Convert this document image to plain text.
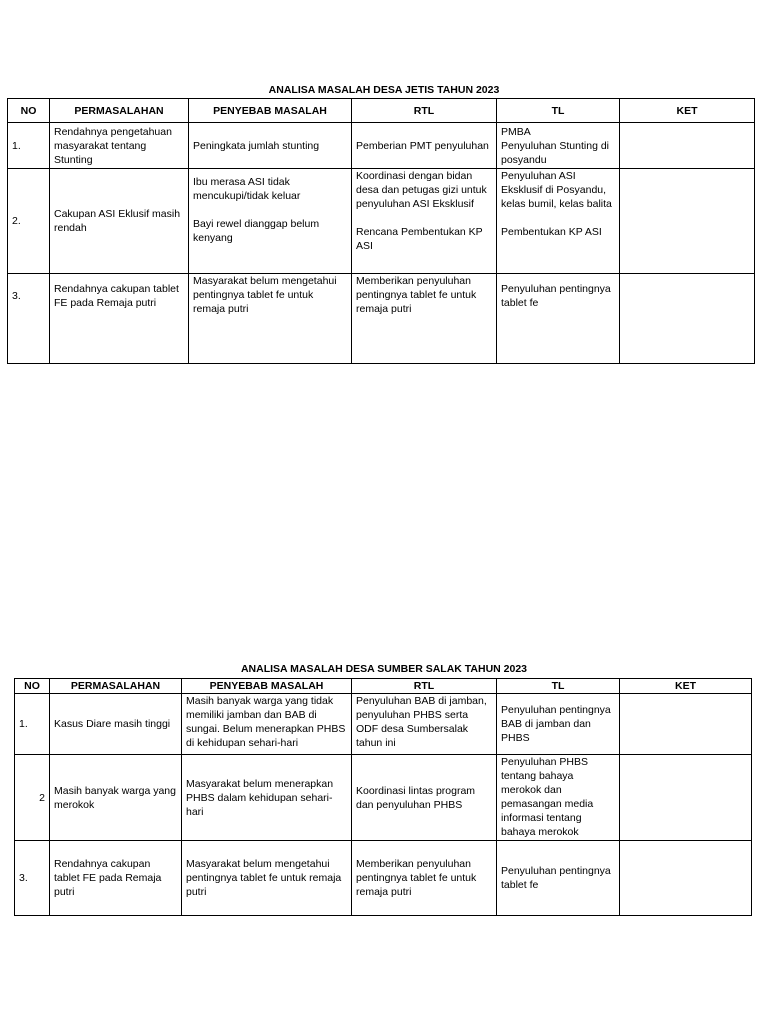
ANALISA MASALAH DESA JETIS TAHUN 2023
NO	PERMASALAHAN	PENYEBAB MASALAH	RTL	TL	KET
1.	Rendahnya pengetahuan masyarakat tentang Stunting	Peningkata jumlah stunting	Pemberian PMT penyuluhan	PMBA
Penyuluhan Stunting di posyandu	

2.	Cakupan ASI Eklusif masih rendah	Ibu merasa ASI tidak mencukupi/tidak keluar
Bayi rewel dianggap belum kenyang	Koordinasi dengan bidan desa dan petugas gizi untuk penyuluhan ASI Eksklusif
Rencana Pembentukan KP ASI	Penyuluhan ASI Eksklusif di Posyandu, kelas bumil, kelas balita
Pembentukan KP ASI	

3.	Rendahnya cakupan tablet FE pada Remaja putri	Masyarakat belum mengetahui pentingnya tablet fe untuk remaja putri	Memberikan penyuluhan pentingnya tablet fe untuk remaja putri	Penyuluhan pentingnya tablet fe	
ANALISA MASALAH DESA SUMBER SALAK TAHUN 2023
NO	PERMASALAHAN	PENYEBAB MASALAH	RTL	TL	KET
1.	Kasus Diare masih tinggi	Masih banyak warga yang tidak memiliki jamban dan BAB di sungai. Belum menerapkan PHBS di kehidupan sehari-hari	Penyuluhan BAB di jamban, penyuluhan PHBS serta ODF desa Sumbersalak tahun ini	Penyuluhan pentingnya BAB di jamban dan PHBS	
2	Masih banyak warga yang merokok	Masyarakat belum menerapkan PHBS dalam kehidupan sehari-hari	Koordinasi lintas program dan penyuluhan PHBS	Penyuluhan PHBS tentang bahaya merokok dan pemasangan media informasi tentang bahaya merokok	
3.	Rendahnya cakupan tablet FE pada Remaja putri	Masyarakat belum mengetahui pentingnya tablet fe untuk remaja putri	Memberikan penyuluhan pentingnya tablet fe untuk remaja putri	Penyuluhan pentingnya tablet fe	
